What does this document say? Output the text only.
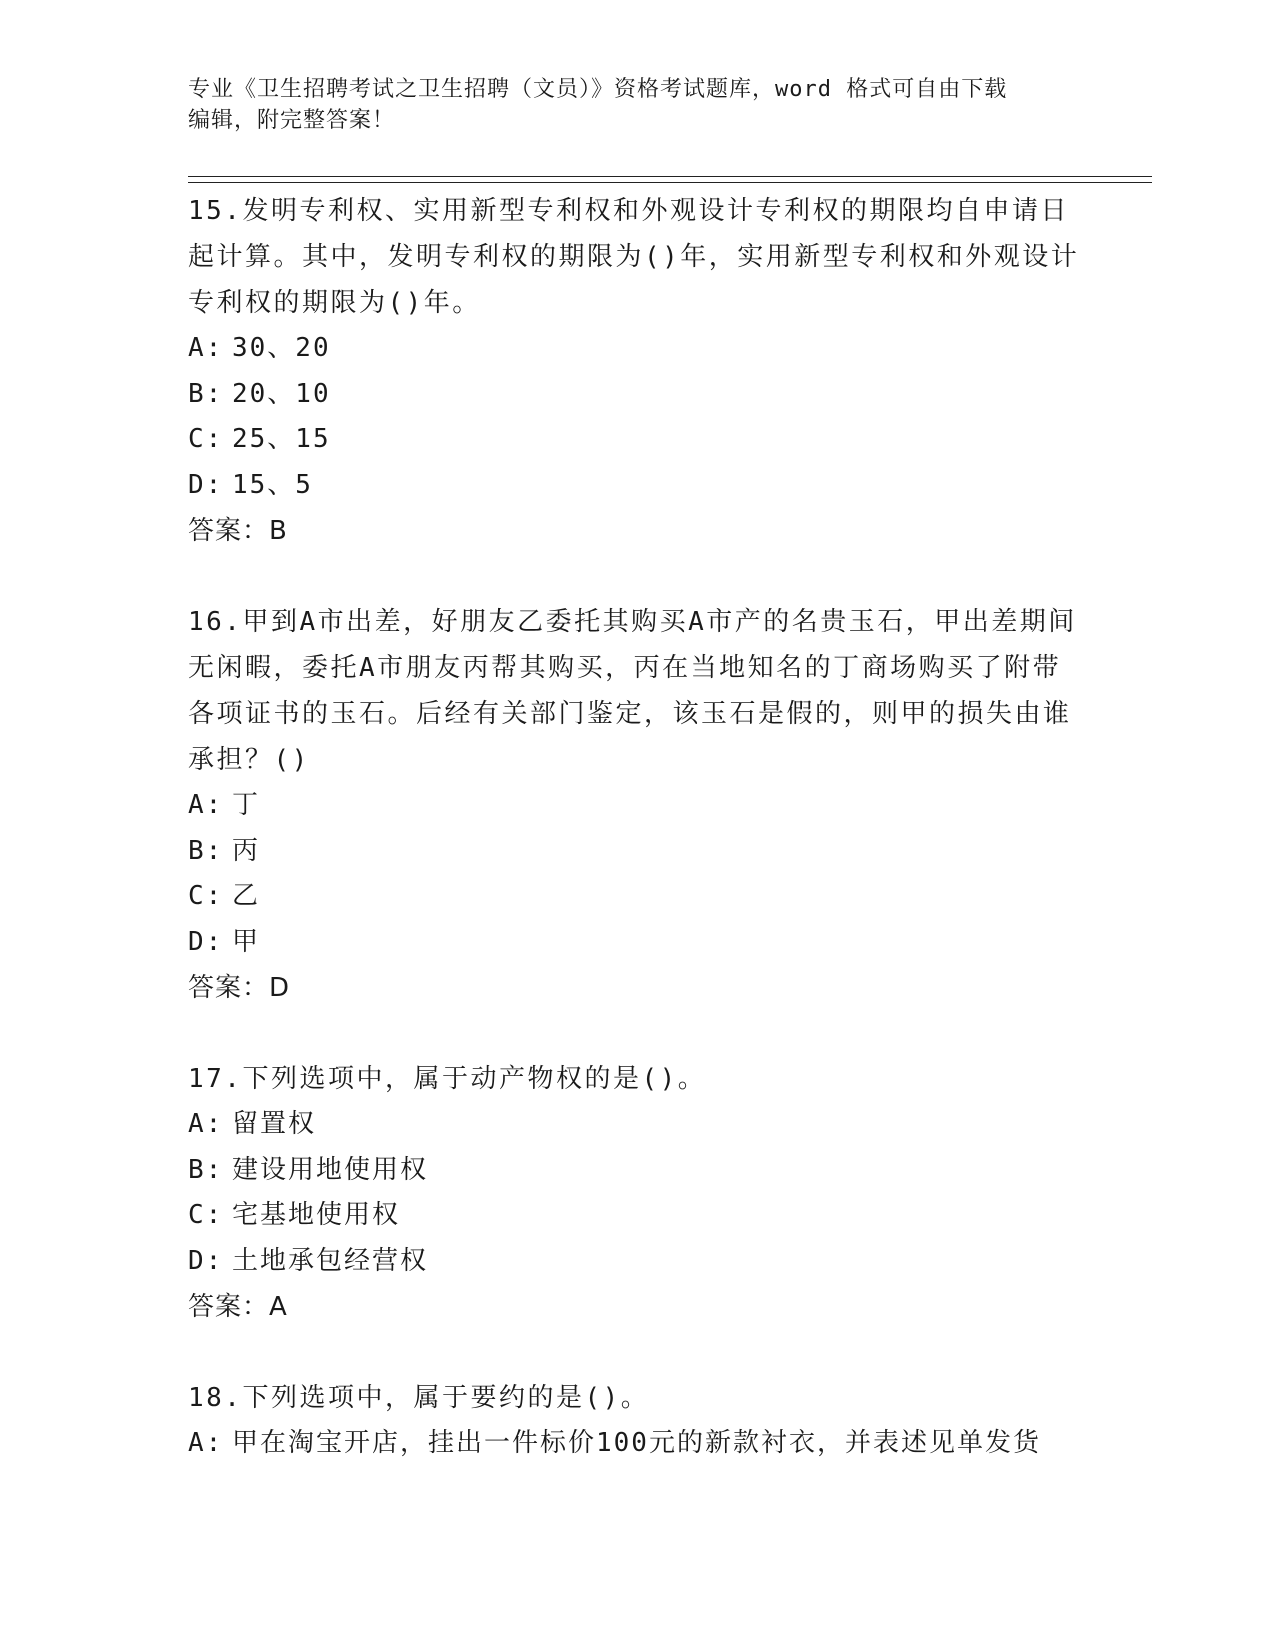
专业《卫生招聘考试之卫生招聘（文员）》资格考试题库，word 格式可自由下载
编辑，附完整答案！

15.发明专利权、实用新型专利权和外观设计专利权的期限均自申请日起计算。其中，发明专利权的期限为()年，实用新型专利权和外观设计专利权的期限为()年。

A: 30、20

B: 20、10

C: 25、15

D: 15、5

答案：B

16.甲到A市出差，好朋友乙委托其购买A市产的名贵玉石，甲出差期间无闲暇，委托A市朋友丙帮其购买，丙在当地知名的丁商场购买了附带各项证书的玉石。后经有关部门鉴定，该玉石是假的，则甲的损失由谁承担？()

A: 丁

B: 丙

C: 乙

D: 甲

答案：D

17.下列选项中，属于动产物权的是()。

A: 留置权

B: 建设用地使用权

C: 宅基地使用权

D: 土地承包经营权

答案：A

18.下列选项中，属于要约的是()。

A: 甲在淘宝开店，挂出一件标价100元的新款衬衣，并表述见单发货
